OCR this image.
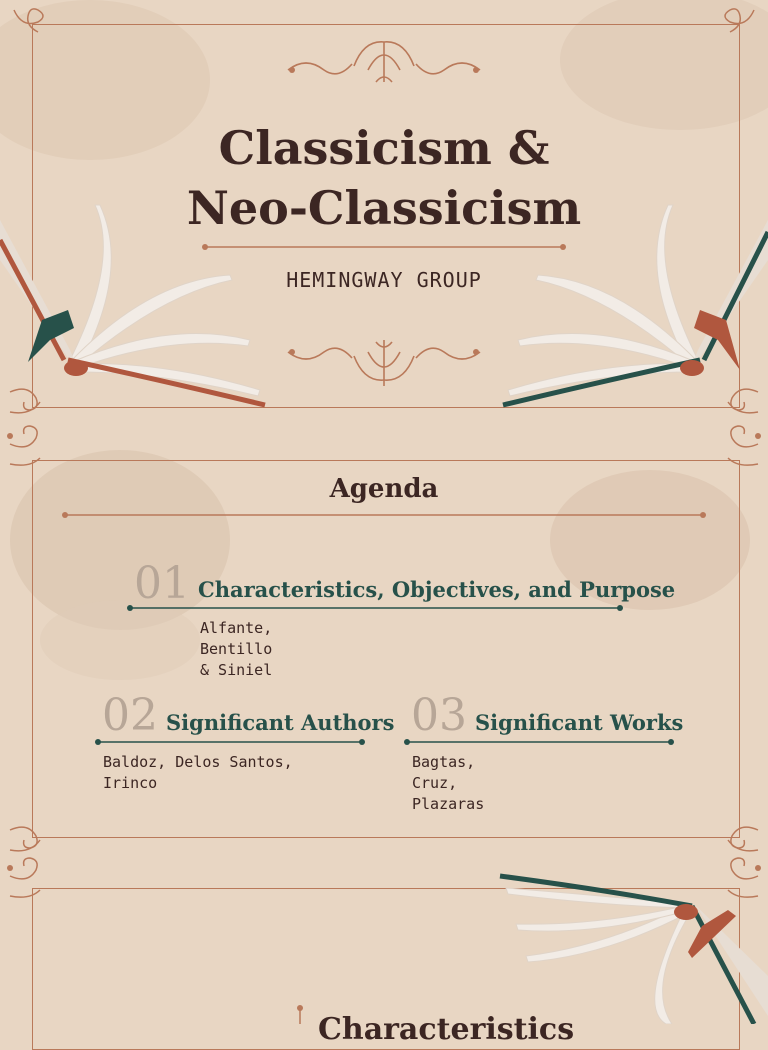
Classicism &
Neo-Classicism
HEMINGWAY GROUP
Agenda
01 Characteristics, Objectives, and Purpose
Alfante, Bentillo & Siniel
02 Significant Authors
Baldoz, Delos Santos, Irinco
03 Significant Works
Bagtas, Cruz, Plazaras
Characteristics
